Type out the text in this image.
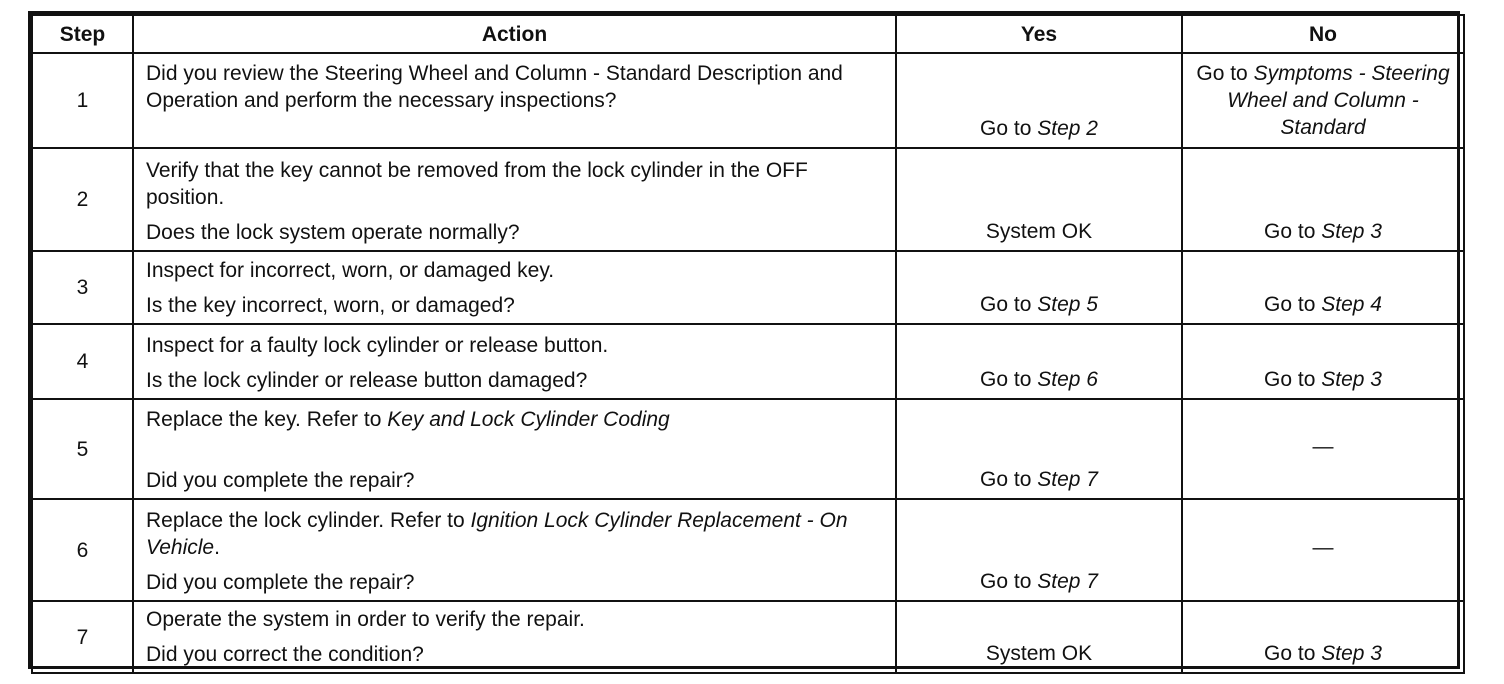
Step	Action	Yes	No
1	Did you review the Steering Wheel and Column - Standard Description and Operation and perform the necessary inspections?	Go to Step 2	Go to Symptoms - Steering Wheel and Column - Standard
2	Verify that the key cannot be removed from the lock cylinder in the OFF position.
Does the lock system operate normally?	System OK	Go to Step 3
3	Inspect for incorrect, worn, or damaged key.
Is the key incorrect, worn, or damaged?	Go to Step 5	Go to Step 4
4	Inspect for a faulty lock cylinder or release button.
Is the lock cylinder or release button damaged?	Go to Step 6	Go to Step 3
5	Replace the key. Refer to Key and Lock Cylinder Coding
Did you complete the repair?	Go to Step 7	—
6	Replace the lock cylinder. Refer to Ignition Lock Cylinder Replacement - On Vehicle.
Did you complete the repair?	Go to Step 7	—
7	Operate the system in order to verify the repair.
Did you correct the condition?	System OK	Go to Step 3
